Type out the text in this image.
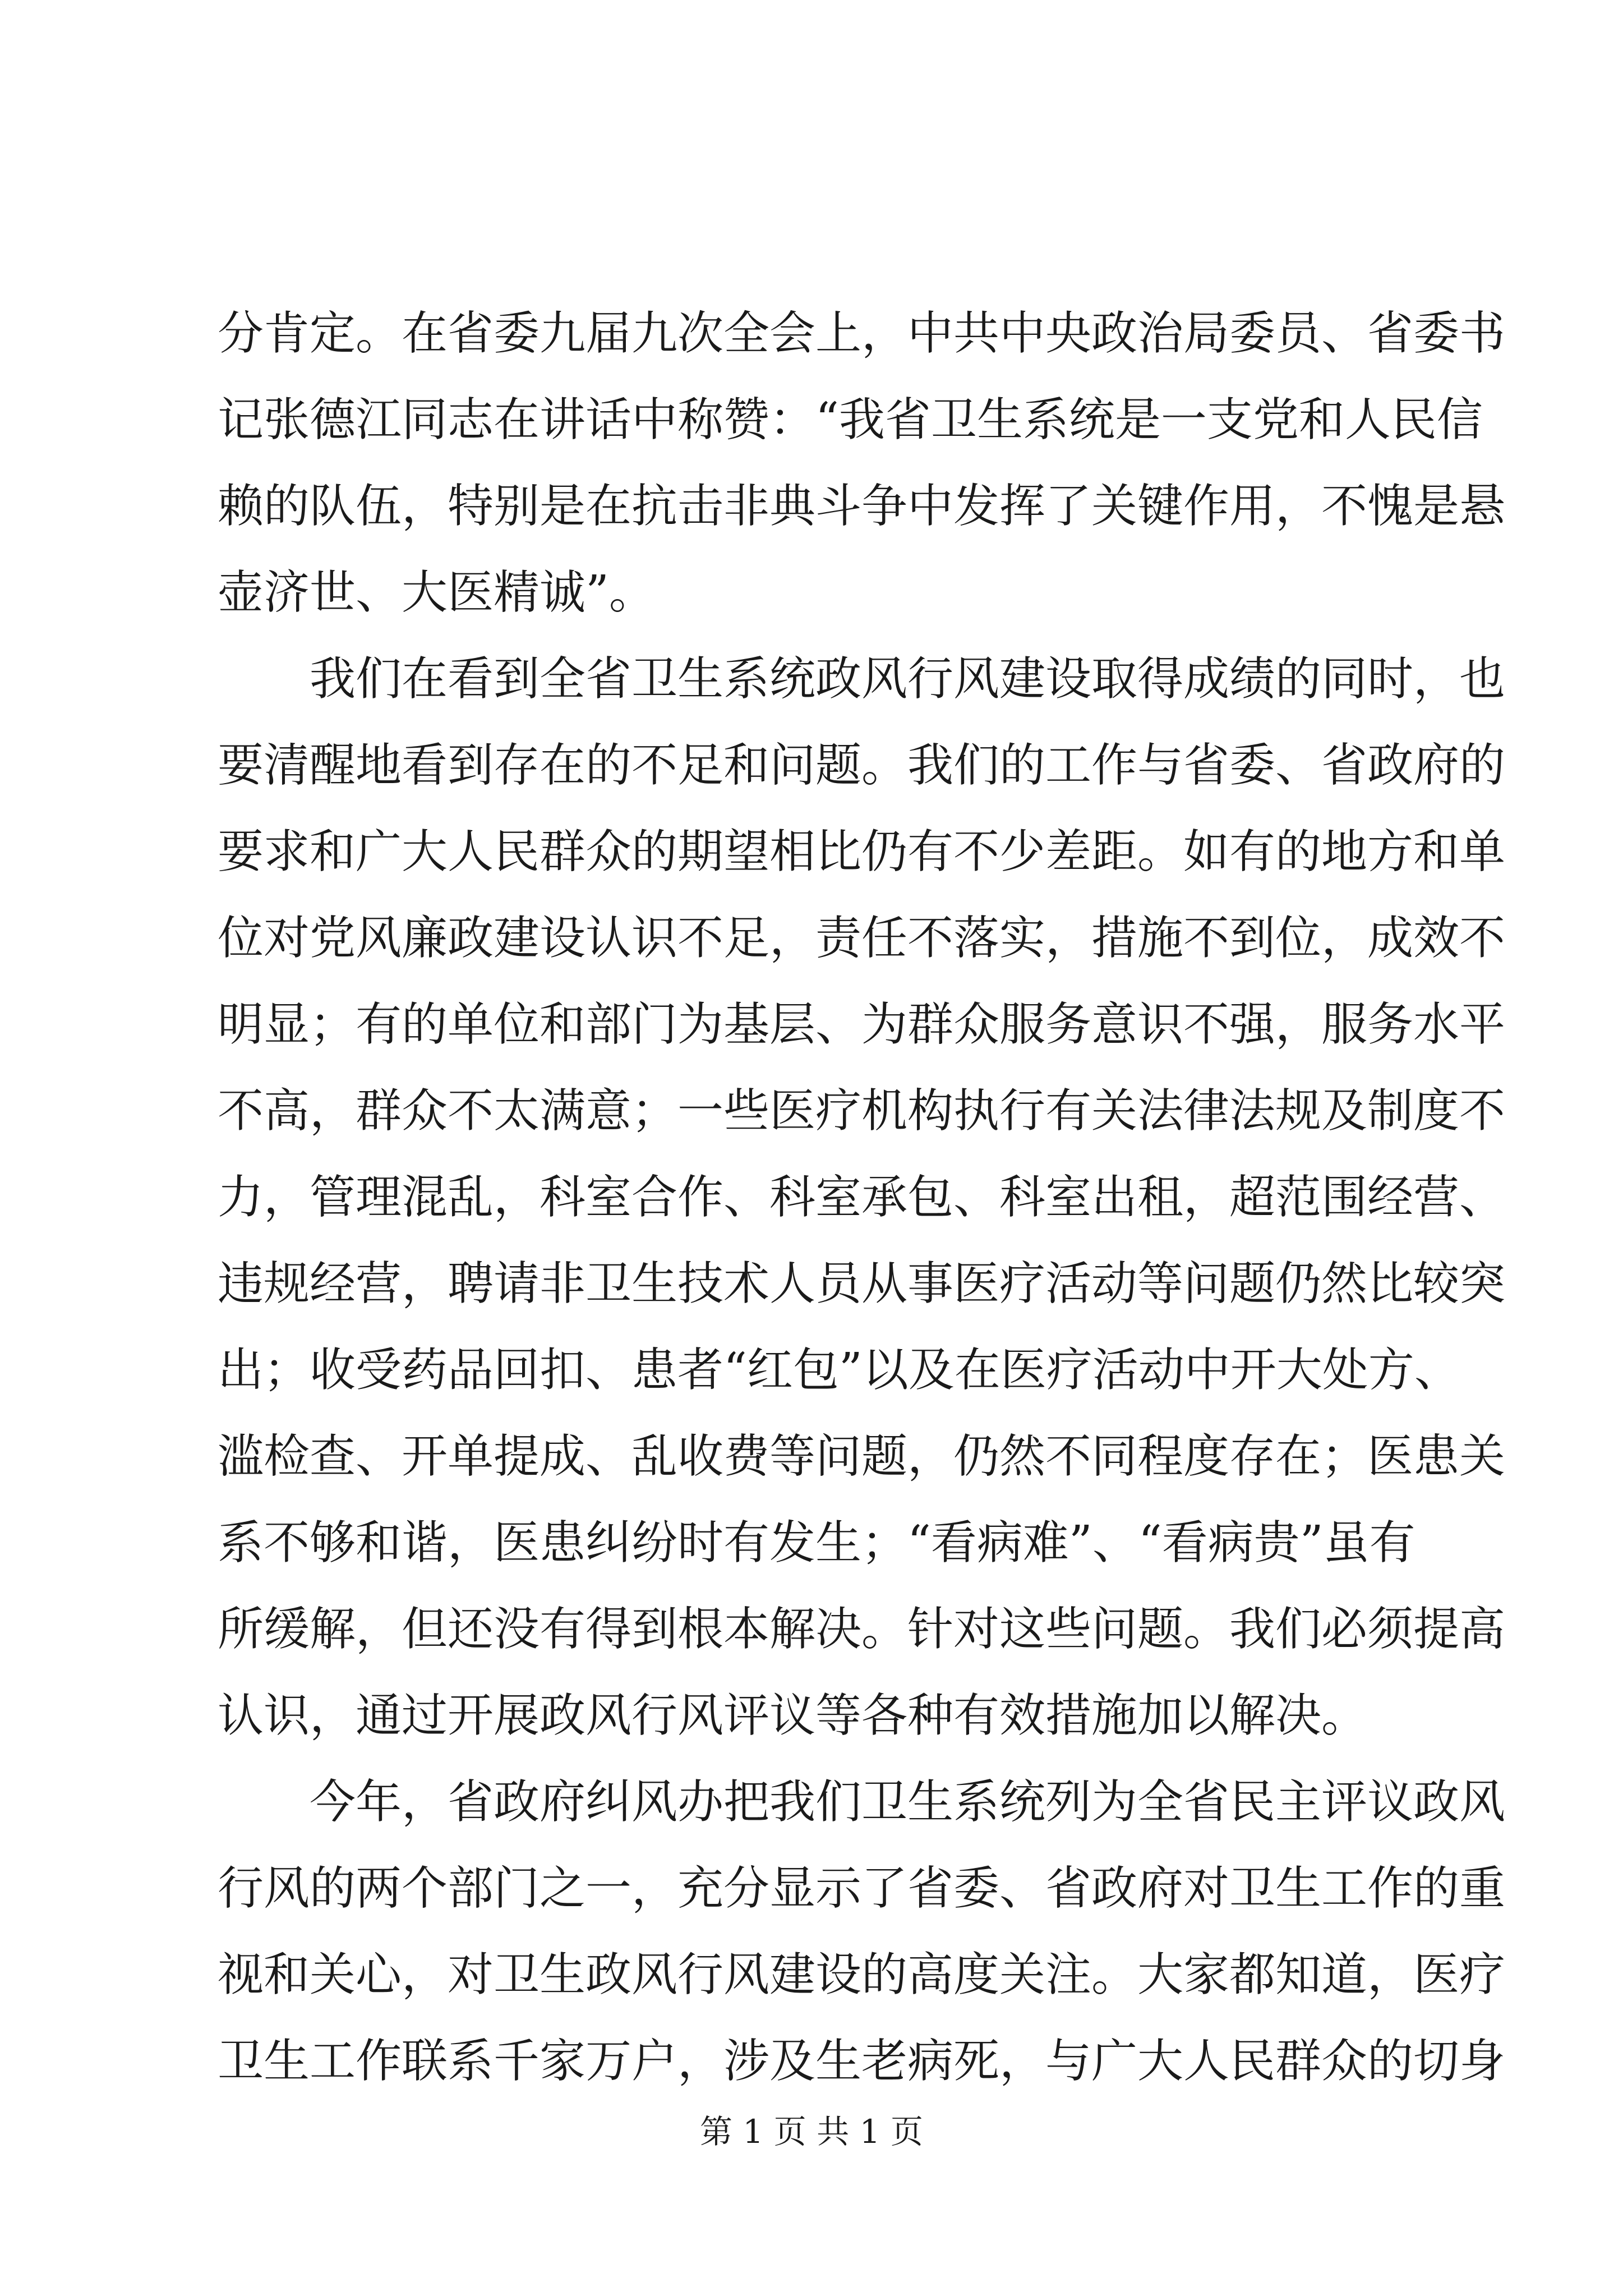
分肯定。在省委九届九次全会上，中共中央政治局委员、省委书
记张德江同志在讲话中称赞：“我省卫生系统是一支党和人民信
赖的队伍，特别是在抗击非典斗争中发挥了关键作用，不愧是悬
壶济世、大医精诚”。
我们在看到全省卫生系统政风行风建设取得成绩的同时，也
要清醒地看到存在的不足和问题。我们的工作与省委、省政府的
要求和广大人民群众的期望相比仍有不少差距。如有的地方和单
位对党风廉政建设认识不足，责任不落实，措施不到位，成效不
明显；有的单位和部门为基层、为群众服务意识不强，服务水平
不高，群众不太满意；一些医疗机构执行有关法律法规及制度不
力，管理混乱，科室合作、科室承包、科室出租，超范围经营、
违规经营，聘请非卫生技术人员从事医疗活动等问题仍然比较突
出；收受药品回扣、患者“红包”以及在医疗活动中开大处方、
滥检查、开单提成、乱收费等问题，仍然不同程度存在；医患关
系不够和谐，医患纠纷时有发生；“看病难”、“看病贵”虽有
所缓解，但还没有得到根本解决。针对这些问题。我们必须提高
认识，通过开展政风行风评议等各种有效措施加以解决。
今年，省政府纠风办把我们卫生系统列为全省民主评议政风
行风的两个部门之一，充分显示了省委、省政府对卫生工作的重
视和关心，对卫生政风行风建设的高度关注。大家都知道，医疗
卫生工作联系千家万户，涉及生老病死，与广大人民群众的切身
第 1 页 共 1 页
